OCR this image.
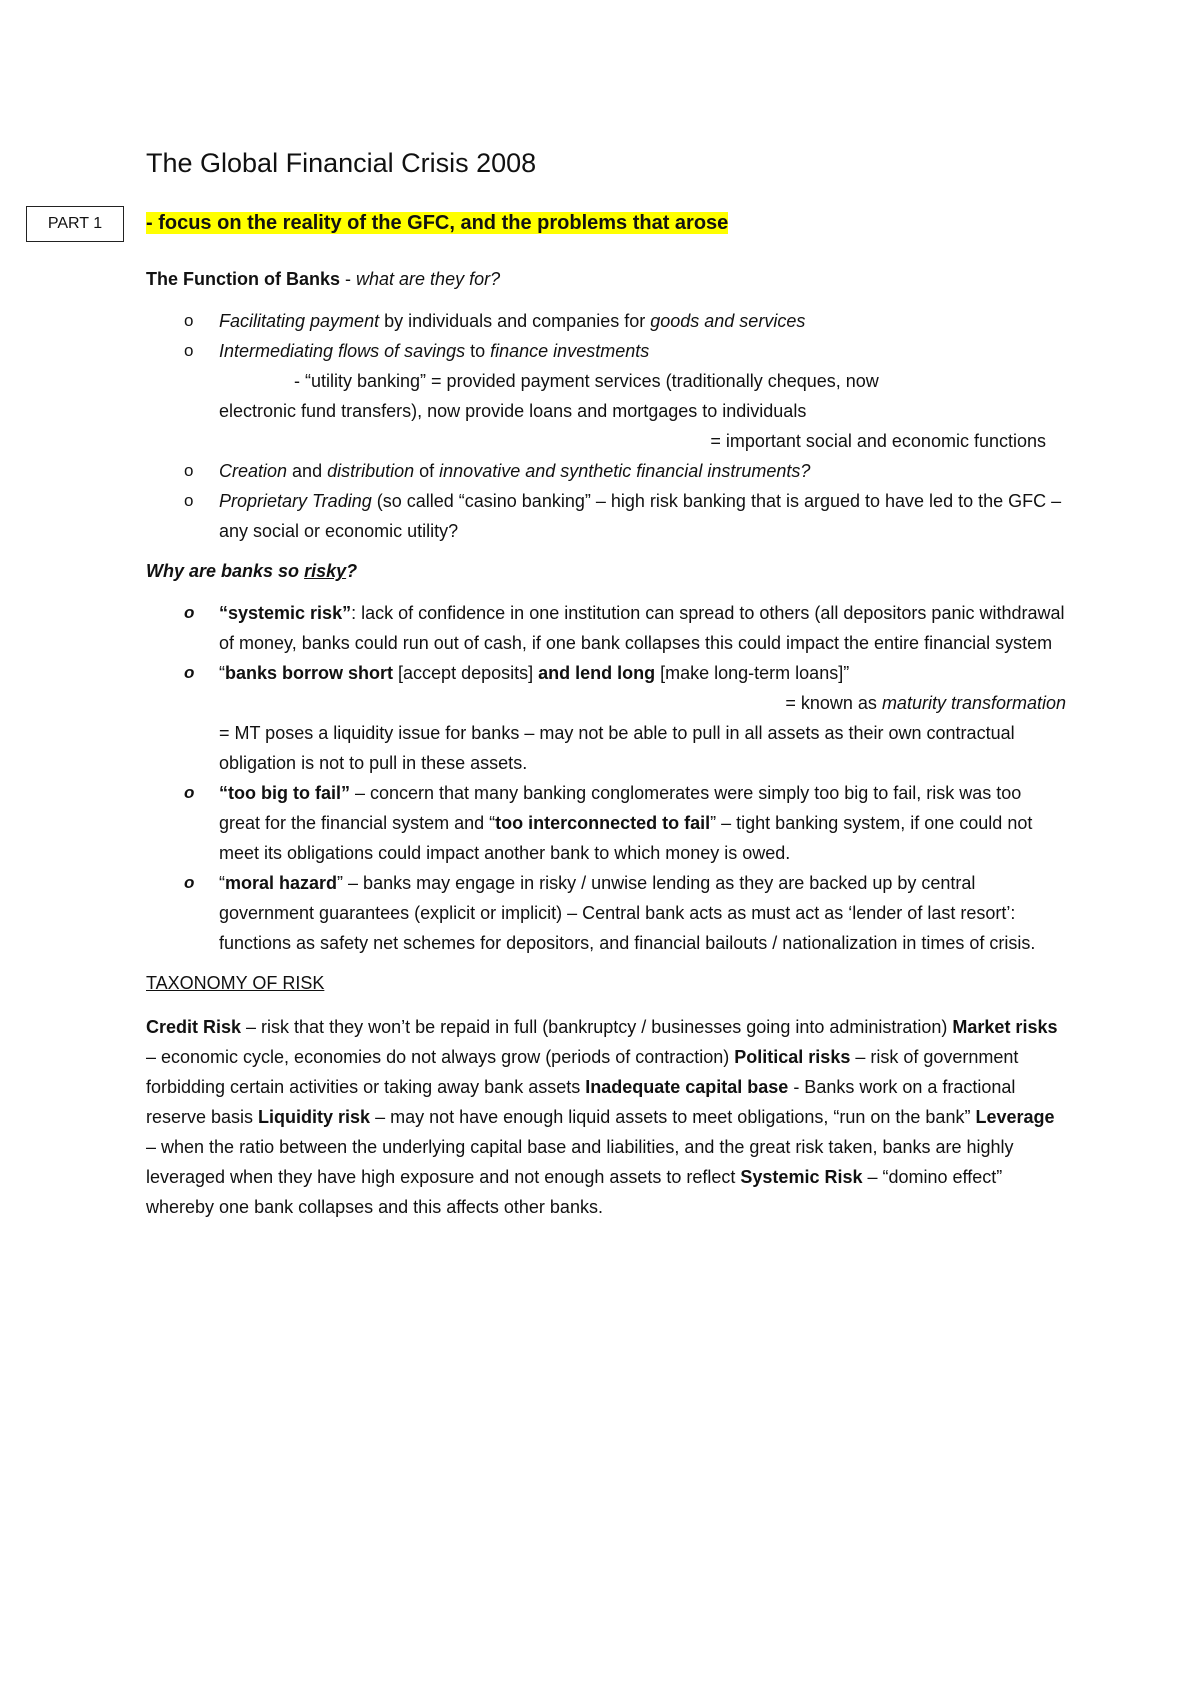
The Global Financial Crisis 2008
PART 1 - focus on the reality of the GFC, and the problems that arose

The Function of Banks - what are they for?

o Facilitating payment by individuals and companies for goods and services
o Intermediating flows of savings to finance investments

- “utility banking” = provided payment services (traditionally cheques, now

electronic fund transfers), now provide loans and mortgages to individuals

= important social and economic functions

o Creation and distribution of innovative and synthetic financial instruments?
o Proprietary Trading (so called “casino banking” – high risk banking that is argued to have led to the GFC – any social or economic utility?

Why are banks so risky?

o “systemic risk”: lack of confidence in one institution can spread to others (all depositors panic withdrawal of money, banks could run out of cash, if one bank collapses this could impact the entire financial system
o “banks borrow short [accept deposits] and lend long [make long-term loans]”
= known as maturity transformation
= MT poses a liquidity issue for banks – may not be able to pull in all assets as their own contractual obligation is not to pull in these assets.
o “too big to fail” – concern that many banking conglomerates were simply too big to fail, risk was too great for the financial system and “too interconnected to fail” – tight banking system, if one could not meet its obligations could impact another bank to which money is owed.
o “moral hazard” – banks may engage in risky / unwise lending as they are backed up by central government guarantees (explicit or implicit) – Central bank acts as must act as ‘lender of last resort’: functions as safety net schemes for depositors, and financial bailouts / nationalization in times of crisis.

TAXONOMY OF RISK

Credit Risk – risk that they won’t be repaid in full (bankruptcy / businesses going into administration) Market risks – economic cycle, economies do not always grow (periods of contraction) Political risks – risk of government forbidding certain activities or taking away bank assets Inadequate capital base - Banks work on a fractional reserve basis Liquidity risk – may not have enough liquid assets to meet obligations, “run on the bank” Leverage – when the ratio between the underlying capital base and liabilities, and the great risk taken, banks are highly leveraged when they have high exposure and not enough assets to reflect Systemic Risk – “domino effect” whereby one bank collapses and this affects other banks.
